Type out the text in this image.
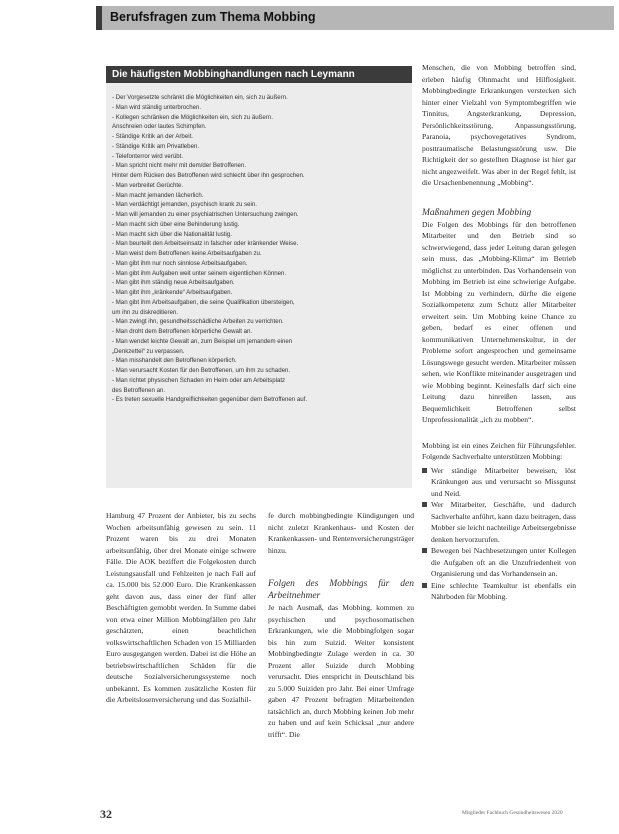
Berufsfragen zum Thema Mobbing
Die häufigsten Mobbinghandlungen nach Leymann
- Der Vorgesetzte schränkt die Möglichkeiten ein, sich zu äußern.
- Man wird ständig unterbrochen.
- Kollegen schränken die Möglichkeiten ein, sich zu äußern.
Anschreien oder lautes Schimpfen.
- Ständige Kritik an der Arbeit.
- Ständige Kritik am Privatleben.
- Telefonterror wird verübt.
- Man spricht nicht mehr mit dem/der Betroffenen.
Hinter dem Rücken des Betroffenen wird schlecht über ihn gesprochen.
- Man verbreitet Gerüchte.
- Man macht jemanden lächerlich.
- Man verdächtigt jemanden, psychisch krank zu sein.
- Man will jemanden zu einer psychiatrischen Untersuchung zwingen.
- Man macht sich über eine Behinderung lustig.
- Man macht sich über die Nationalität lustig.
- Man beurteilt den Arbeitseinsatz in falscher oder kränkender Weise.
- Man weist dem Betroffenen keine Arbeitsaufgaben zu.
- Man gibt ihm nur noch sinnlose Arbeitsaufgaben.
- Man gibt ihm Aufgaben weit unter seinem eigentlichen Können.
- Man gibt ihm ständig neue Arbeitsaufgaben.
- Man gibt ihm „kränkende“ Arbeitsaufgaben.
- Man gibt ihm Arbeitsaufgaben, die seine Qualifikation übersteigen,
um ihn zu diskreditieren.
- Man zwingt ihn, gesundheitsschädliche Arbeiten zu verrichten.
- Man droht dem Betroffenen körperliche Gewalt an.
- Man wendet leichte Gewalt an, zum Beispiel um jemandem einen
„Denkzettel“ zu verpassen.
- Man misshandelt den Betroffenen körperlich.
- Man verursacht Kosten für den Betroffenen, um ihm zu schaden.
- Man richtet physischen Schaden im Heim oder am Arbeitsplatz
des Betroffenen an.
- Es treten sexuelle Handgreiflichkeiten gegenüber dem Betroffenen auf.

Menschen, die von Mobbing betroffen sind, erleben häufig Ohnmacht und Hilflosigkeit. Mobbingbedingte Erkrankungen verstecken sich hinter einer Vielzahl von Symptombegriffen wie Tinnitus, Angsterkrankung, Depression, Persönlichkeitsstörung, Anpassungsstörung, Paranoia, psychovegetatives Syndrom, posttraumatische Belastungsstörung usw. Die Richtigkeit der so gestellten Diagnose ist hier gar nicht angezweifelt. Was aber in der Regel fehlt, ist die Ursachenbenennung „Mobbing“.

Maßnahmen gegen Mobbing

Die Folgen des Mobbings für den betroffenen Mitarbeiter und den Betrieb sind so schwerwiegend, dass jeder Leitung daran gelegen sein muss, das „Mobbing-Klima“ im Betrieb möglichst zu unterbinden. Das Vorhandensein von Mobbing im Betrieb ist eine schwierige Aufgabe. Ist Mobbing zu verhindern, dürfte die eigene Sozialkompetenz zum Schutz aller Mitarbeiter erweitert sein. Um Mobbing keine Chance zu geben, bedarf es einer offenen und kommunikativen Unternehmenskultur, in der Probleme sofort angesprochen und gemeinsame Lösungswege gesucht werden. Mitarbeiter müssen sehen, wie Konflikte miteinander ausgetragen und wie Mobbing beginnt. Keinesfalls darf sich eine Leitung dazu hinreißen lassen, aus Bequemlichkeit Betroffenen selbst Unprofessionalität „ich zu mobben“.

Mobbing ist ein eines Zeichen für Führungsfehler. Folgende Sachverhalte unterstützen Mobbing:

Wer ständige Mitarbeiter beweisen, löst Kränkungen aus und verursacht so Missgunst und Neid.
Wer Mitarbeiter, Geschäfte, und dadurch Sachverhalte anführt, kann dazu beitragen, dass Mobber sie leicht nachteilige Arbeitsergebnisse denken hervorzurufen.
Bewegen bei Nachbesetzungen unter Kollegen die Aufgaben oft an die Unzufriedenheit von Organisierung und das Vorhandensein an.
Eine schlechte Teamkultur ist ebenfalls ein Nährboden für Mobbing.

Hamburg 47 Prozent der Anbieter, bis zu sechs Wochen arbeitsunfähig gewesen zu sein. 11 Prozent waren bis zu drei Monaten arbeitsunfähig, über drei Monate einige schwere Fälle. Die AOK beziffert die Folgekosten durch Leistungsausfall und Fehlzeiten je nach Fall auf ca. 15.000 bis 52.000 Euro. Die Krankenkassen geht davon aus, dass einer der fünf aller Beschäftigten gemobbt werden. In Summe dabei von etwa einer Million Mobbingfällen pro Jahr geschätzten, einen beachtlichen volkswirtschaftlichen Schaden von 15 Milliarden Euro ausgegangen werden. Dabei ist die Höhe an betriebswirtschaftlichen Schäden für die deutsche Sozialversicherungssysteme noch unbekannt. Es kommen zusätzliche Kosten für die Arbeitslosenversicherung und das Sozialhil-

fe durch mobbingbedingte Kündigungen und nicht zuletzt Krankenhaus- und Kosten der Krankenkassen- und Rentenversicherungsträger hinzu.

Folgen des Mobbings für den Arbeitnehmer

Je nach Ausmaß, das Mobbing, kommen zu psychischen und psychosomatischen Erkrankungen, wie die Mobbingfolgen sogar bis hin zum Suizid. Weiter konsistent Mobbingbedingte Zulage werden in ca. 30 Prozent aller Suizide durch Mobbing verursacht. Dies entspricht in Deutschland bis zu 5.000 Suiziden pro Jahr. Bei einer Umfrage gaben 47 Prozent befragten Mitarbeitenden tatsächlich an, durch Mobbing keinen Job mehr zu haben und auf kein Schicksal „nur andere trifft“. Die

32	Mitglieder Fachbuch Gesundheitswesen 2020
